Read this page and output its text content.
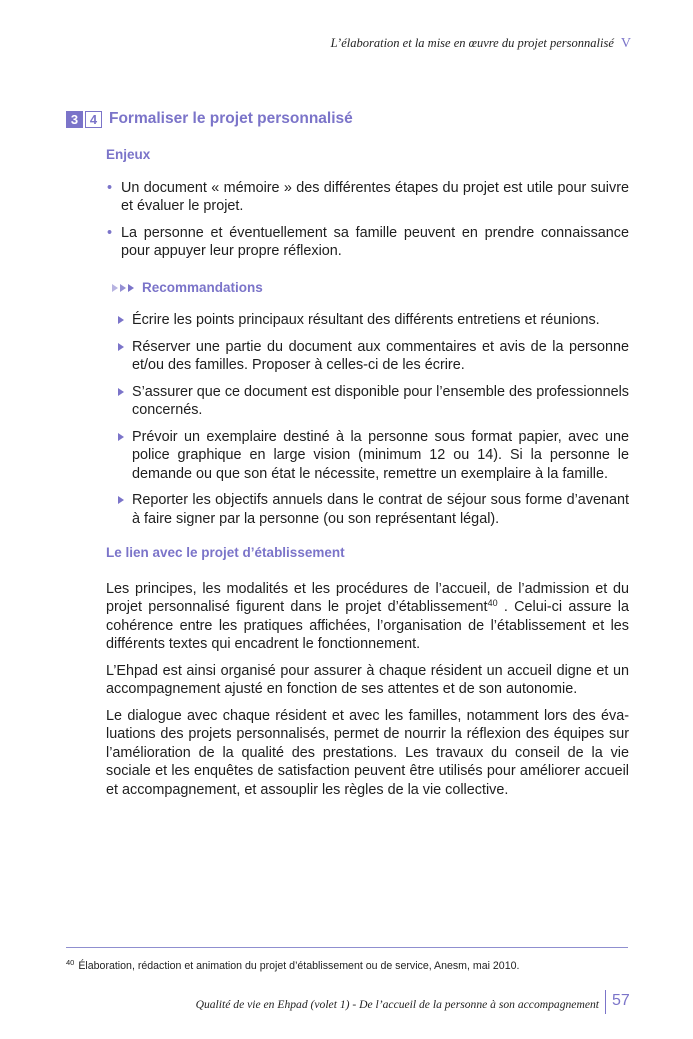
L’élaboration et la mise en œuvre du projet personnalisé V
3 4 Formaliser le projet personnalisé
Enjeux
• Un document « mémoire » des différentes étapes du projet est utile pour suivre et évaluer le projet.
• La personne et éventuellement sa famille peuvent en prendre connaissance pour appuyer leur propre réflexion.
Recommandations
Écrire les points principaux résultant des différents entretiens et réunions.
Réserver une partie du document aux commentaires et avis de la personne et/ou des familles. Proposer à celles-ci de les écrire.
S’assurer que ce document est disponible pour l’ensemble des professionnels concernés.
Prévoir un exemplaire destiné à la personne sous format papier, avec une police graphique en large vision (minimum 12 ou 14). Si la personne le demande ou que son état le nécessite, remettre un exemplaire à la famille.
Reporter les objectifs annuels dans le contrat de séjour sous forme d’avenant à faire signer par la personne (ou son représentant légal).
Le lien avec le projet d’établissement

Les principes, les modalités et les procédures de l’accueil, de l’admission et du projet personnalisé figurent dans le projet d’établissement$^{40}$ . Celui-ci assure la cohérence entre les pratiques affichées, l’organisation de l’établissement et les différents textes qui encadrent le fonctionnement.

L’Ehpad est ainsi organisé pour assurer à chaque résident un accueil digne et un accompagnement ajusté en fonction de ses attentes et de son autonomie.

Le dialogue avec chaque résident et avec les familles, notamment lors des éva-luations des projets personnalisés, permet de nourrir la réflexion des équipes sur l’amélioration de la qualité des prestations. Les travaux du conseil de la vie sociale et les enquêtes de satisfaction peuvent être utilisés pour améliorer accueil et accompagnement, et assouplir les règles de la vie collective.

$^{40}$ Élaboration, rédaction et animation du projet d’établissement ou de service, Anesm, mai 2010.
Qualité de vie en Ehpad (volet 1) - De l’accueil de la personne à son accompagnement 57
